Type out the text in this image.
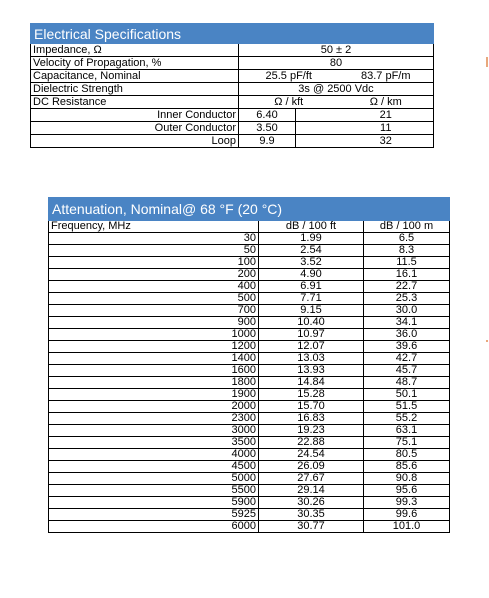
Electrical Specifications			
Impedance, Ω	50 ± 2		
Velocity of Propagation, %	80		
Capacitance, Nominal	25.5 pF/ft		83.7 pF/m
Dielectric Strength	3s @ 2500 Vdc		
DC Resistance	Ω / kft		Ω / km
Inner Conductor	6.40		21
Outer Conductor	3.50		11
Loop	9.9		32
Attenuation, Nominal@ 68 °F (20 °C)		
Frequency, MHz	dB / 100 ft	dB / 100 m
30	1.99	6.5
50	2.54	8.3
100	3.52	11.5
200	4.90	16.1
400	6.91	22.7
500	7.71	25.3
700	9.15	30.0
900	10.40	34.1
1000	10.97	36.0
1200	12.07	39.6
1400	13.03	42.7
1600	13.93	45.7
1800	14.84	48.7
1900	15.28	50.1
2000	15.70	51.5
2300	16.83	55.2
3000	19.23	63.1
3500	22.88	75.1
4000	24.54	80.5
4500	26.09	85.6
5000	27.67	90.8
5500	29.14	95.6
5900	30.26	99.3
5925	30.35	99.6
6000	30.77	101.0
